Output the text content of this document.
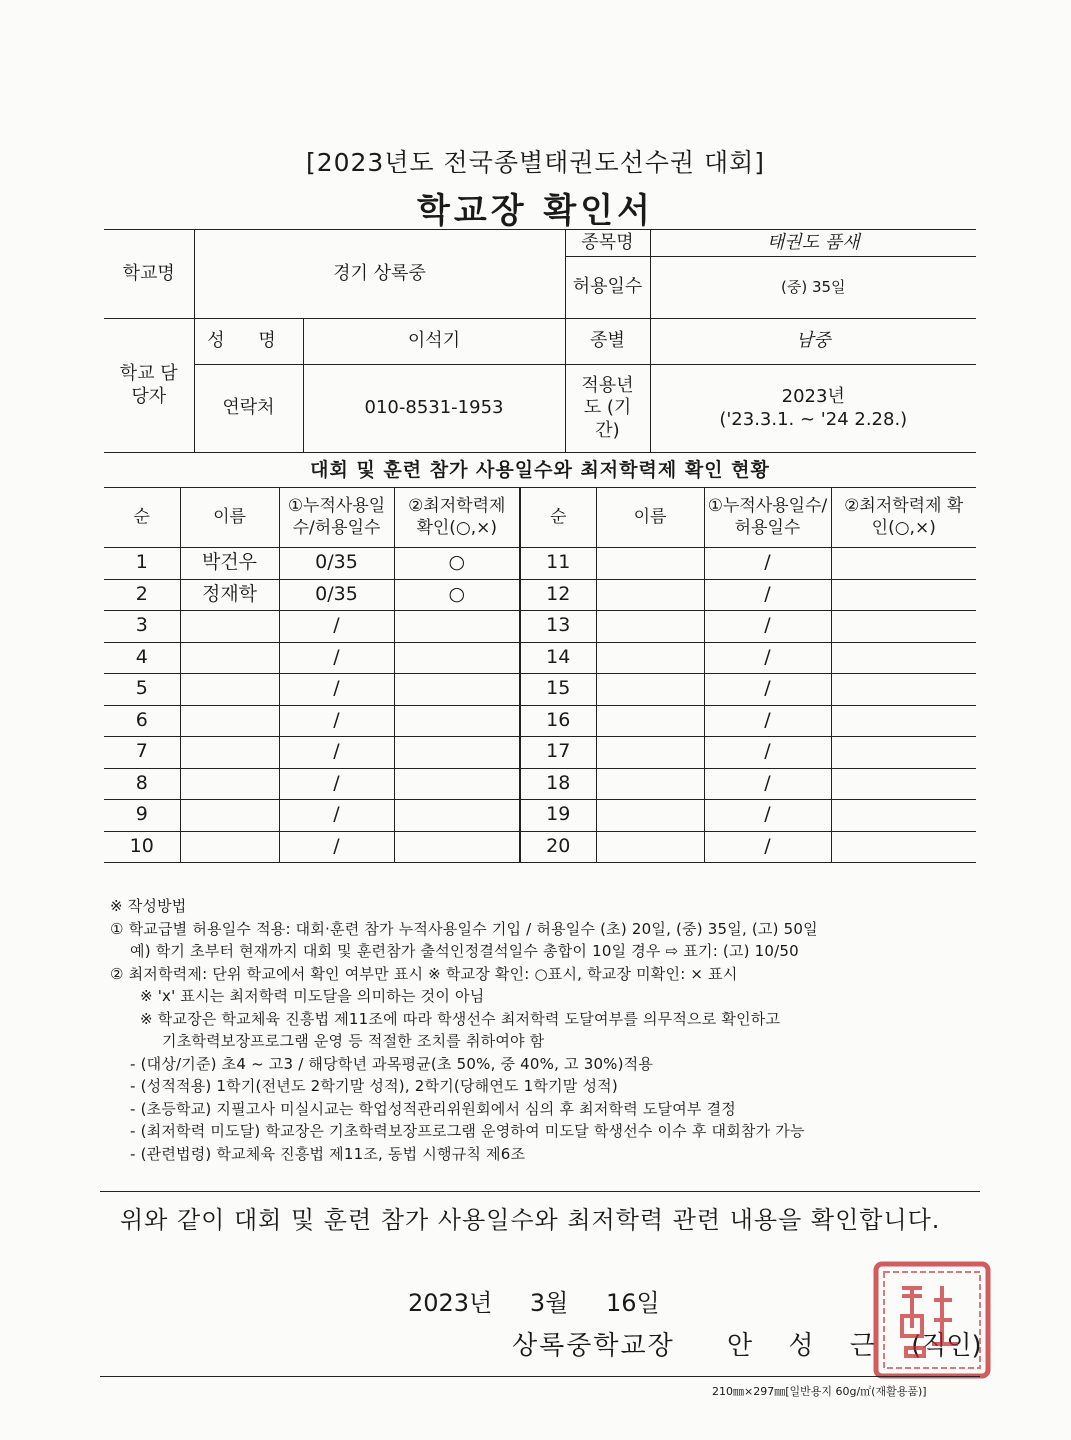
[2023년도 전국종별태권도선수권 대회]
학교장 확인서
학교명	경기 상록중		종목명	태권도 품새
			허용일수	(중) 35일
학교 담당자	성 명	이석기	종별	남중
	연락처	010-8531-1953	적용년도 (기간)	2023년
('23.3.1. ~ '24 2.28.)
대회 및 훈련 참가 사용일수와 최저학력제 확인 현황
순	이름	①누적사용일수/허용일수	②최저학력제 확인(○,×)	순	이름	①누적사용일수/허용일수	②최저학력제 확인(○,×)
1	박건우	0/35	○	11		/	
2	정재학	0/35	○	12		/	
3		/		13		/	
4		/		14		/	
5		/		15		/	
6		/		16		/	
7		/		17		/	
8		/		18		/	
9		/		19		/	
10		/		20		/	
※ 작성방법
① 학교급별 허용일수 적용: 대회·훈련 참가 누적사용일수 기입 / 허용일수 (초) 20일, (중) 35일, (고) 50일
예) 학기 초부터 현재까지 대회 및 훈련참가 출석인정결석일수 총합이 10일 경우 ⇨ 표기: (고) 10/50
② 최저학력제: 단위 학교에서 확인 여부만 표시 ※ 학교장 확인: ○표시, 학교장 미확인: × 표시
※ 'x' 표시는 최저학력 미도달을 의미하는 것이 아님
※ 학교장은 학교체육 진흥법 제11조에 따라 학생선수 최저학력 도달여부를 의무적으로 확인하고
기초학력보장프로그램 운영 등 적절한 조치를 취하여야 함
- (대상/기준) 초4 ~ 고3 / 해당학년 과목평균(초 50%, 중 40%, 고 30%)적용
- (성적적용) 1학기(전년도 2학기말 성적), 2학기(당해연도 1학기말 성적)
- (초등학교) 지필고사 미실시교는 학업성적관리위원회에서 심의 후 최저학력 도달여부 결정
- (최저학력 미도달) 학교장은 기초학력보장프로그램 운영하여 미도달 학생선수 이수 후 대회참가 가능
- (관련법령) 학교체육 진흥법 제11조, 동법 시행규칙 제6조
위와 같이 대회 및 훈련 참가 사용일수와 최저학력 관련 내용을 확인합니다.
2023년 3월 16일
상록중학교장 안 성 근 (직인)
210㎜×297㎜[일반용지 60g/㎡(재활용품)]
